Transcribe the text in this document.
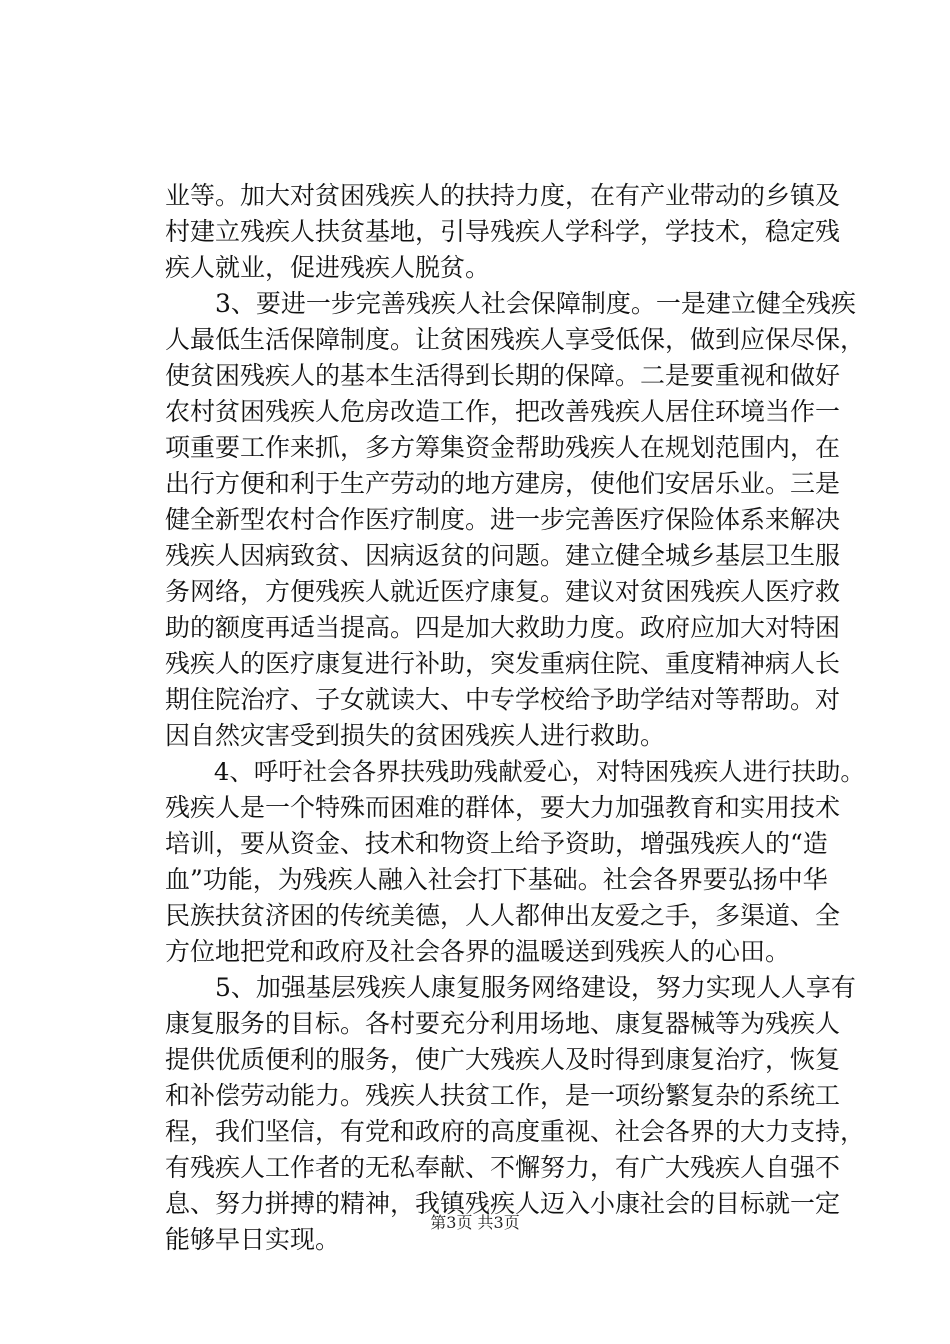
业等。加大对贫困残疾人的扶持力度，在有产业带动的乡镇及
村建立残疾人扶贫基地，引导残疾人学科学，学技术，稳定残
疾人就业，促进残疾人脱贫。
　　3、要进一步完善残疾人社会保障制度。一是建立健全残疾
人最低生活保障制度。让贫困残疾人享受低保，做到应保尽保，
使贫困残疾人的基本生活得到长期的保障。二是要重视和做好
农村贫困残疾人危房改造工作，把改善残疾人居住环境当作一
项重要工作来抓，多方筹集资金帮助残疾人在规划范围内，在
出行方便和利于生产劳动的地方建房，使他们安居乐业。三是
健全新型农村合作医疗制度。进一步完善医疗保险体系来解决
残疾人因病致贫、因病返贫的问题。建立健全城乡基层卫生服
务网络，方便残疾人就近医疗康复。建议对贫困残疾人医疗救
助的额度再适当提高。四是加大救助力度。政府应加大对特困
残疾人的医疗康复进行补助，突发重病住院、重度精神病人长
期住院治疗、子女就读大、中专学校给予助学结对等帮助。对
因自然灾害受到损失的贫困残疾人进行救助。
　　4、呼吁社会各界扶残助残献爱心，对特困残疾人进行扶助。
残疾人是一个特殊而困难的群体，要大力加强教育和实用技术
培训，要从资金、技术和物资上给予资助，增强残疾人的“造
血”功能，为残疾人融入社会打下基础。社会各界要弘扬中华
民族扶贫济困的传统美德，人人都伸出友爱之手，多渠道、全
方位地把党和政府及社会各界的温暖送到残疾人的心田。
　　5、加强基层残疾人康复服务网络建设，努力实现人人享有
康复服务的目标。各村要充分利用场地、康复器械等为残疾人
提供优质便利的服务，使广大残疾人及时得到康复治疗，恢复
和补偿劳动能力。残疾人扶贫工作，是一项纷繁复杂的系统工
程，我们坚信，有党和政府的高度重视、社会各界的大力支持，
有残疾人工作者的无私奉献、不懈努力，有广大残疾人自强不
息、努力拼搏的精神，我镇残疾人迈入小康社会的目标就一定
能够早日实现。
第3页 共3页
